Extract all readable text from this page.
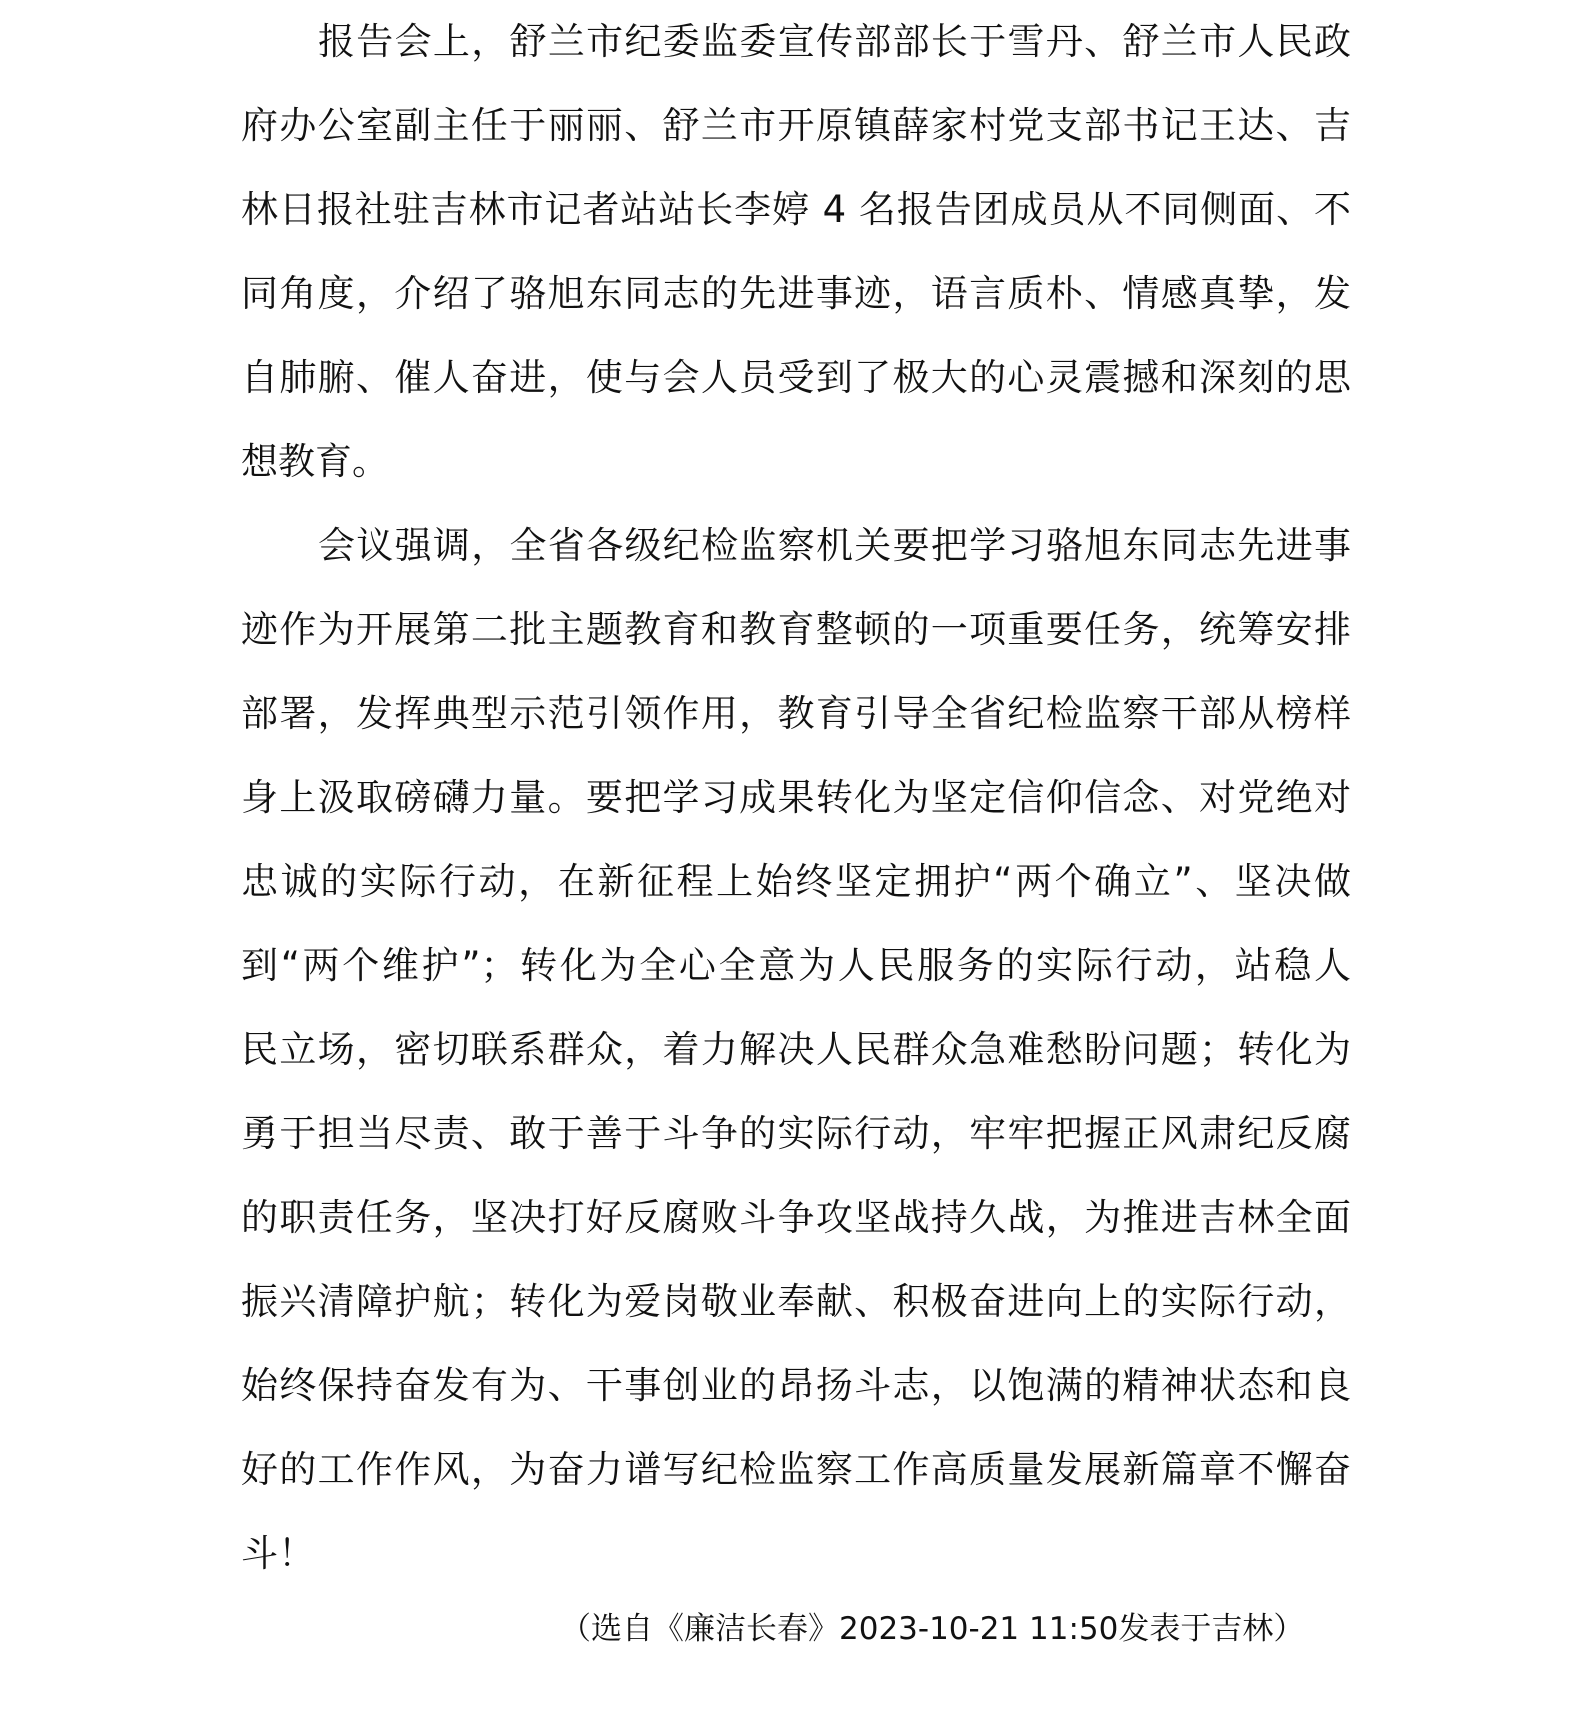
报告会上，舒兰市纪委监委宣传部部长于雪丹、舒兰市人民政
府办公室副主任于丽丽、舒兰市开原镇薛家村党支部书记王达、吉
林日报社驻吉林市记者站站长李婷 4 名报告团成员从不同侧面、不
同角度，介绍了骆旭东同志的先进事迹，语言质朴、情感真挚，发
自肺腑、催人奋进，使与会人员受到了极大的心灵震撼和深刻的思
想教育。
会议强调，全省各级纪检监察机关要把学习骆旭东同志先进事
迹作为开展第二批主题教育和教育整顿的一项重要任务，统筹安排
部署，发挥典型示范引领作用，教育引导全省纪检监察干部从榜样
身上汲取磅礴力量。要把学习成果转化为坚定信仰信念、对党绝对
忠诚的实际行动，在新征程上始终坚定拥护“两个确立”、坚决做
到“两个维护”；转化为全心全意为人民服务的实际行动，站稳人
民立场，密切联系群众，着力解决人民群众急难愁盼问题；转化为
勇于担当尽责、敢于善于斗争的实际行动，牢牢把握正风肃纪反腐
的职责任务，坚决打好反腐败斗争攻坚战持久战，为推进吉林全面
振兴清障护航；转化为爱岗敬业奉献、积极奋进向上的实际行动，
始终保持奋发有为、干事创业的昂扬斗志，以饱满的精神状态和良
好的工作作风，为奋力谱写纪检监察工作高质量发展新篇章不懈奋
斗！
（选自《廉洁长春》2023-10-21 11:50发表于吉林）
